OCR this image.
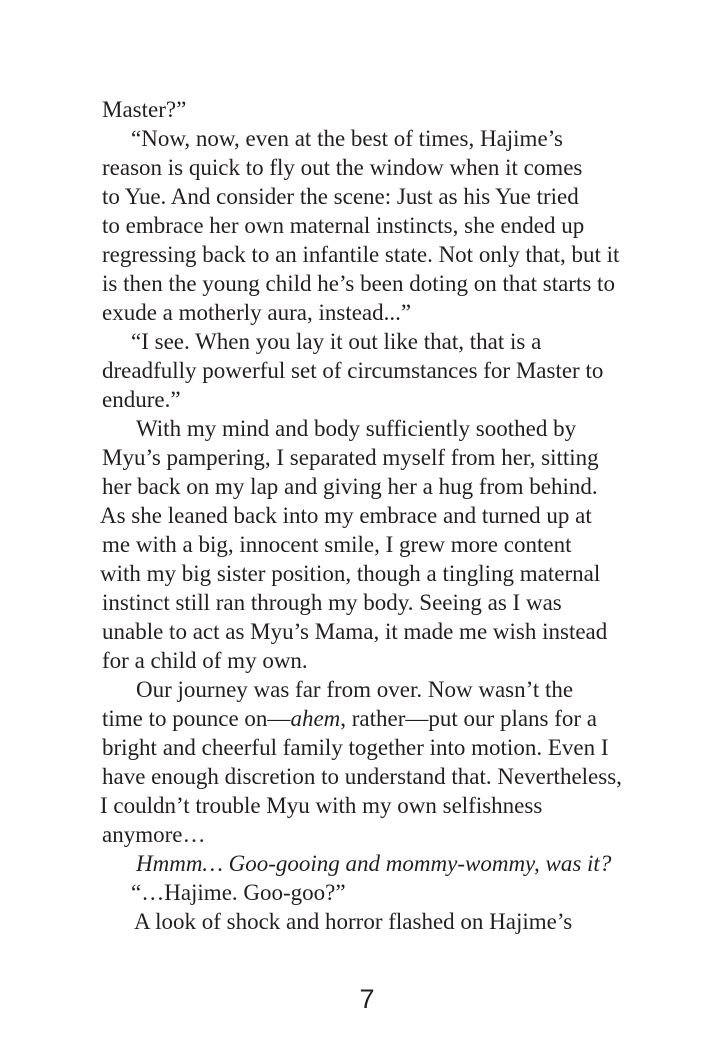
Master?”
“Now, now, even at the best of times, Hajime’s
reason is quick to fly out the window when it comes
to Yue. And consider the scene: Just as his Yue tried
to embrace her own maternal instincts, she ended up
regressing back to an infantile state. Not only that, but it
is then the young child he’s been doting on that starts to
exude a motherly aura, instead...”
“I see. When you lay it out like that, that is a
dreadfully powerful set of circumstances for Master to
endure.”
With my mind and body sufficiently soothed by
Myu’s pampering, I separated myself from her, sitting
her back on my lap and giving her a hug from behind.
As she leaned back into my embrace and turned up at
me with a big, innocent smile, I grew more content
with my big sister position, though a tingling maternal
instinct still ran through my body. Seeing as I was
unable to act as Myu’s Mama, it made me wish instead
for a child of my own.
Our journey was far from over. Now wasn’t the
time to pounce on—ahem, rather—put our plans for a
bright and cheerful family together into motion. Even I
have enough discretion to understand that. Nevertheless,
I couldn’t trouble Myu with my own selfishness
anymore…
Hmmm… Goo-gooing and mommy-wommy, was it?
“…Hajime. Goo-goo?”
A look of shock and horror flashed on Hajime’s
7
